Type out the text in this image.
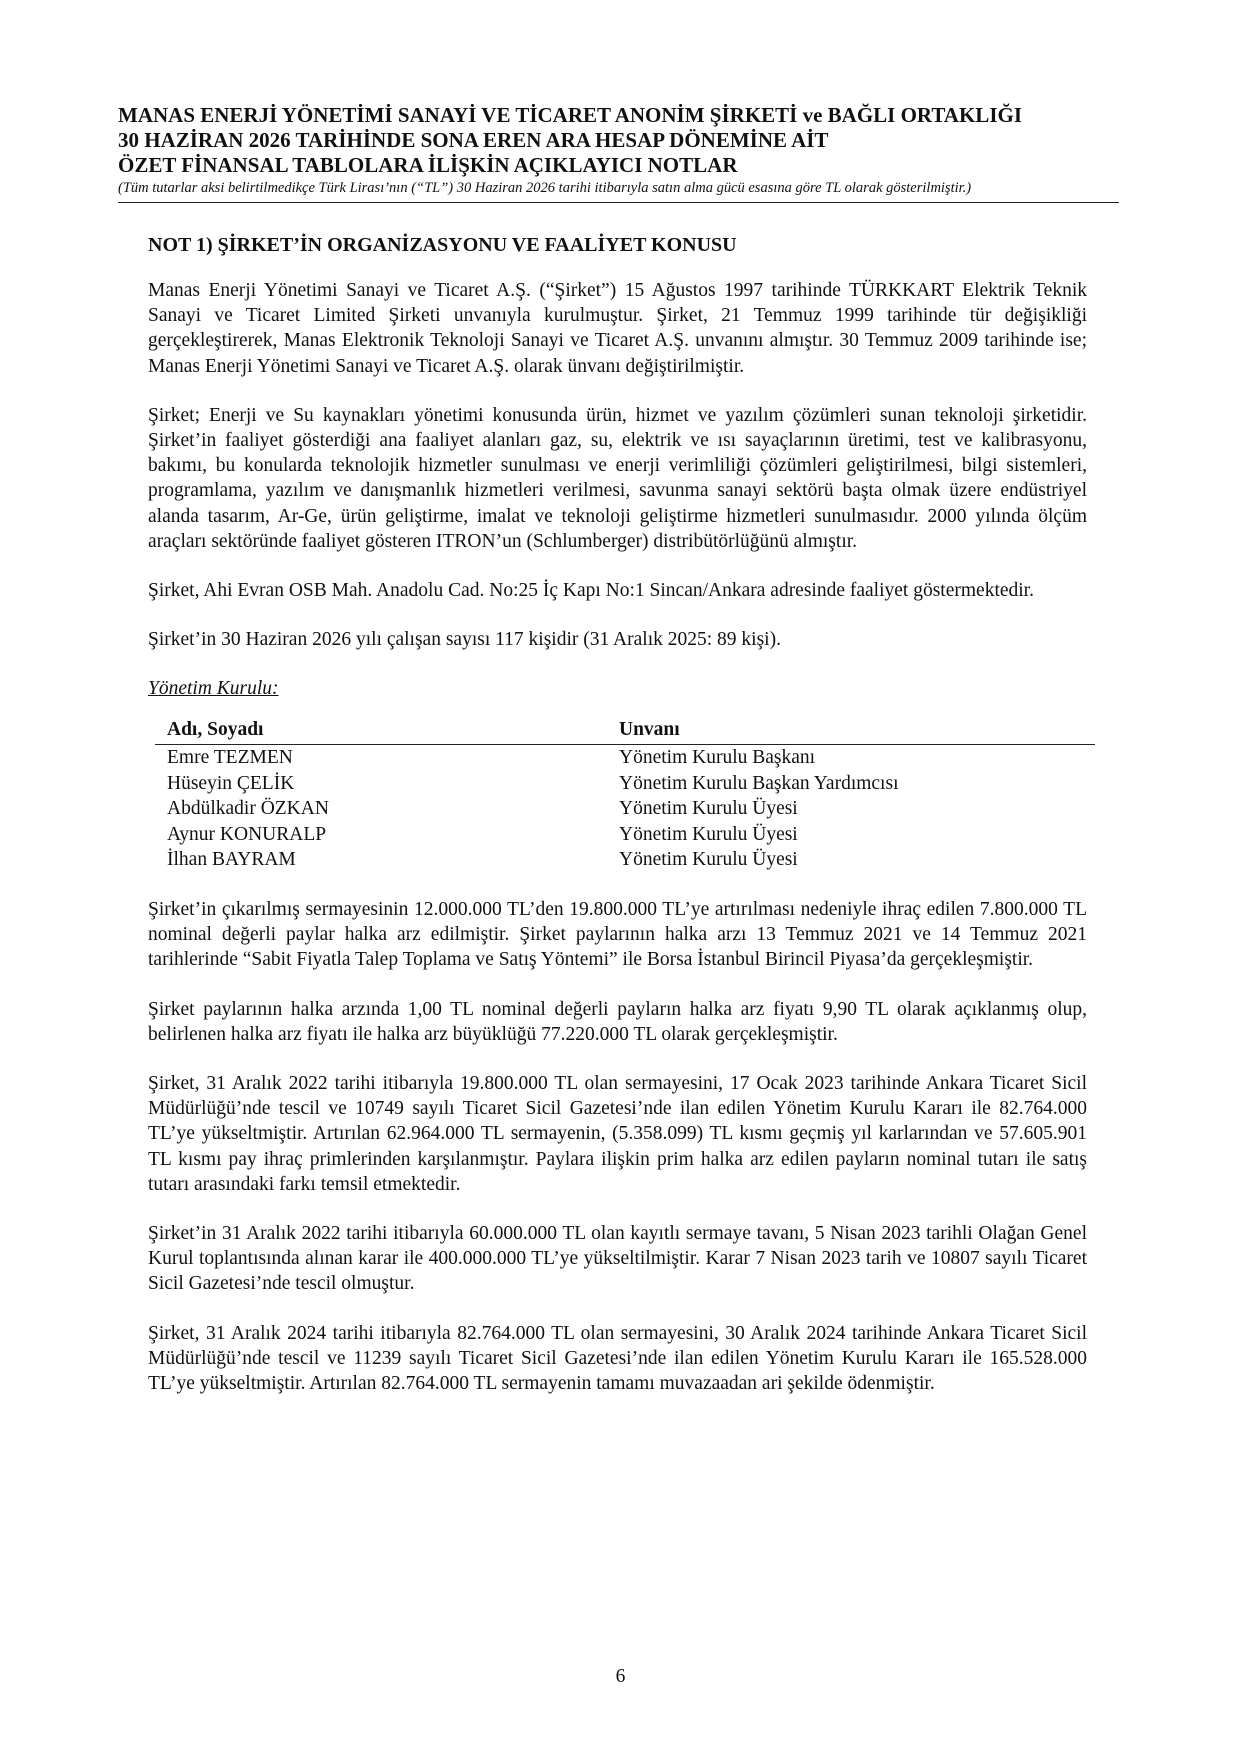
MANAS ENERJİ YÖNETİMİ SANAYİ VE TİCARET ANONİM ŞİRKETİ ve BAĞLI ORTAKLIĞI

30 HAZİRAN 2026 TARİHİNDE SONA EREN ARA HESAP DÖNEMİNE AİT

ÖZET FİNANSAL TABLOLARA İLİŞKİN AÇIKLAYICI NOTLAR

(Tüm tutarlar aksi belirtilmedikçe Türk Lirası’nın (“TL”) 30 Haziran 2026 tarihi itibarıyla satın alma gücü esasına göre TL olarak gösterilmiştir.)

NOT 1) ŞİRKET’İN ORGANİZASYONU VE FAALİYET KONUSU

Manas Enerji Yönetimi Sanayi ve Ticaret A.Ş. (“Şirket”) 15 Ağustos 1997 tarihinde TÜRKKART Elektrik Teknik Sanayi ve Ticaret Limited Şirketi unvanıyla kurulmuştur. Şirket, 21 Temmuz 1999 tarihinde tür değişikliği gerçekleştirerek, Manas Elektronik Teknoloji Sanayi ve Ticaret A.Ş. unvanını almıştır. 30 Temmuz 2009 tarihinde ise; Manas Enerji Yönetimi Sanayi ve Ticaret A.Ş. olarak ünvanı değiştirilmiştir.

Şirket; Enerji ve Su kaynakları yönetimi konusunda ürün, hizmet ve yazılım çözümleri sunan teknoloji şirketidir. Şirket’in faaliyet gösterdiği ana faaliyet alanları gaz, su, elektrik ve ısı sayaçlarının üretimi, test ve kalibrasyonu, bakımı, bu konularda teknolojik hizmetler sunulması ve enerji verimliliği çözümleri geliştirilmesi, bilgi sistemleri, programlama, yazılım ve danışmanlık hizmetleri verilmesi, savunma sanayi sektörü başta olmak üzere endüstriyel alanda tasarım, Ar-Ge, ürün geliştirme, imalat ve teknoloji geliştirme hizmetleri sunulmasıdır. 2000 yılında ölçüm araçları sektöründe faaliyet gösteren ITRON’un (Schlumberger) distribütörlüğünü almıştır.

Şirket, Ahi Evran OSB Mah. Anadolu Cad. No:25 İç Kapı No:1 Sincan/Ankara adresinde faaliyet göstermektedir.

Şirket’in 30 Haziran 2026 yılı çalışan sayısı 117 kişidir (31 Aralık 2025: 89 kişi).

Yönetim Kurulu:

Adı, Soyadı	Unvanı
Emre TEZMEN	Yönetim Kurulu Başkanı
Hüseyin ÇELİK	Yönetim Kurulu Başkan Yardımcısı
Abdülkadir ÖZKAN	Yönetim Kurulu Üyesi
Aynur KONURALP	Yönetim Kurulu Üyesi
İlhan BAYRAM	Yönetim Kurulu Üyesi

Şirket’in çıkarılmış sermayesinin 12.000.000 TL’den 19.800.000 TL’ye artırılması nedeniyle ihraç edilen 7.800.000 TL nominal değerli paylar halka arz edilmiştir. Şirket paylarının halka arzı 13 Temmuz 2021 ve 14 Temmuz 2021 tarihlerinde “Sabit Fiyatla Talep Toplama ve Satış Yöntemi” ile Borsa İstanbul Birincil Piyasa’da gerçekleşmiştir.

Şirket paylarının halka arzında 1,00 TL nominal değerli payların halka arz fiyatı 9,90 TL olarak açıklanmış olup, belirlenen halka arz fiyatı ile halka arz büyüklüğü 77.220.000 TL olarak gerçekleşmiştir.

Şirket, 31 Aralık 2022 tarihi itibarıyla 19.800.000 TL olan sermayesini, 17 Ocak 2023 tarihinde Ankara Ticaret Sicil Müdürlüğü’nde tescil ve 10749 sayılı Ticaret Sicil Gazetesi’nde ilan edilen Yönetim Kurulu Kararı ile 82.764.000 TL’ye yükseltmiştir. Artırılan 62.964.000 TL sermayenin, (5.358.099) TL kısmı geçmiş yıl karlarından ve 57.605.901 TL kısmı pay ihraç primlerinden karşılanmıştır. Paylara ilişkin prim halka arz edilen payların nominal tutarı ile satış tutarı arasındaki farkı temsil etmektedir.

Şirket’in 31 Aralık 2022 tarihi itibarıyla 60.000.000 TL olan kayıtlı sermaye tavanı, 5 Nisan 2023 tarihli Olağan Genel Kurul toplantısında alınan karar ile 400.000.000 TL’ye yükseltilmiştir. Karar 7 Nisan 2023 tarih ve 10807 sayılı Ticaret Sicil Gazetesi’nde tescil olmuştur.

Şirket, 31 Aralık 2024 tarihi itibarıyla 82.764.000 TL olan sermayesini, 30 Aralık 2024 tarihinde Ankara Ticaret Sicil Müdürlüğü’nde tescil ve 11239 sayılı Ticaret Sicil Gazetesi’nde ilan edilen Yönetim Kurulu Kararı ile 165.528.000 TL’ye yükseltmiştir. Artırılan 82.764.000 TL sermayenin tamamı muvazaadan ari şekilde ödenmiştir.

6
